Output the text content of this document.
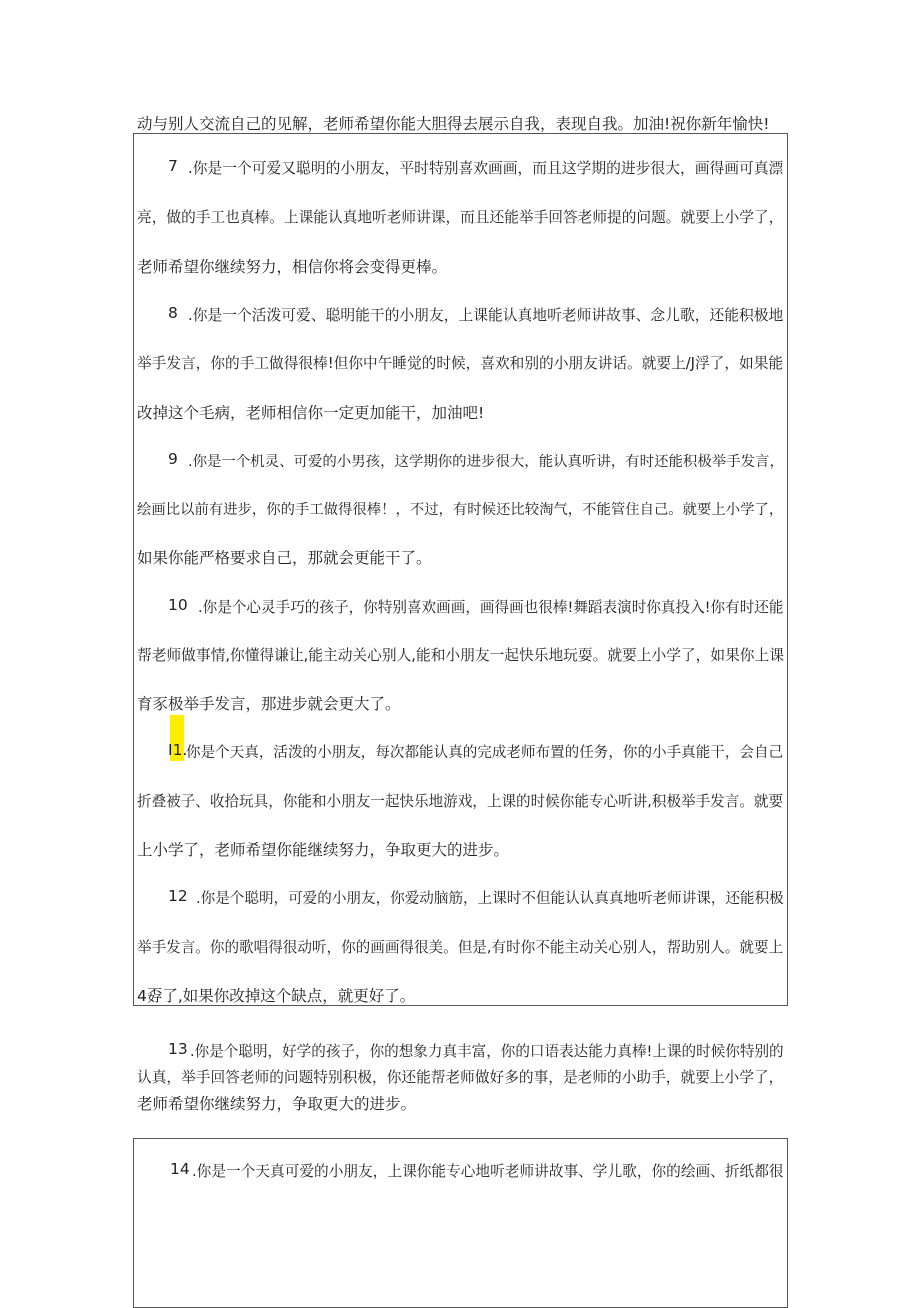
动与别人交流自己的见解，老师希望你能大胆得去展示自我，表现自我。加油!祝你新年愉快!
7 .你是一个可爱又聪明的小朋友，平时特别喜欢画画，而且这学期的进步很大，画得画可真漂
亮，做的手工也真棒。上课能认真地听老师讲课，而且还能举手回答老师提的问题。就要上小学了，
老师希望你继续努力，相信你将会变得更棒。
8 .你是一个活泼可爱、聪明能干的小朋友，上课能认真地听老师讲故事、念儿歌，还能积极地
举手发言，你的手工做得很棒!但你中午睡觉的时候，喜欢和别的小朋友讲话。就要上/J浮了，如果能
改掉这个毛病，老师相信你一定更加能干，加油吧!
9 .你是一个机灵、可爱的小男孩，这学期你的进步很大，能认真听讲，有时还能积极举手发言，
绘画比以前有进步，你的手工做得很棒！，不过，有时候还比较淘气，不能管住自己。就要上小学了，
如果你能严格要求自己，那就会更能干了。
10 .你是个心灵手巧的孩子，你特别喜欢画画，画得画也很棒!舞蹈表演时你真投入!你有时还能
帮老师做事情,你懂得谦让,能主动关心别人,能和小朋友一起快乐地玩耍。就要上小学了，如果你上课
育豕极举手发言，那进步就会更大了。
I1.
你是个天真，活泼的小朋友，每次都能认真的完成老师布置的任务，你的小手真能干，会自己
折叠被子、收拾玩具，你能和小朋友一起快乐地游戏，上课的时候你能专心听讲,积极举手发言。就要
上小学了，老师希望你能继续努力，争取更大的进步。
12 .你是个聪明，可爱的小朋友，你爱动脑筋，上课时不但能认认真真地听老师讲课，还能积极
举手发言。你的歌唱得很动听，你的画画得很美。但是,有时你不能主动关心别人，帮助别人。就要上
4孬了,如果你改掉这个缺点，就更好了。
13 .你是个聪明，好学的孩子，你的想象力真丰富，你的口语表达能力真棒!上课的时候你特别的
认真，举手回答老师的问题特别积极，你还能帮老师做好多的事，是老师的小助手，就要上小学了，
老师希望你继续努力，争取更大的进步。
14 .你是一个天真可爱的小朋友，上课你能专心地听老师讲故事、学儿歌，你的绘画、折纸都很
